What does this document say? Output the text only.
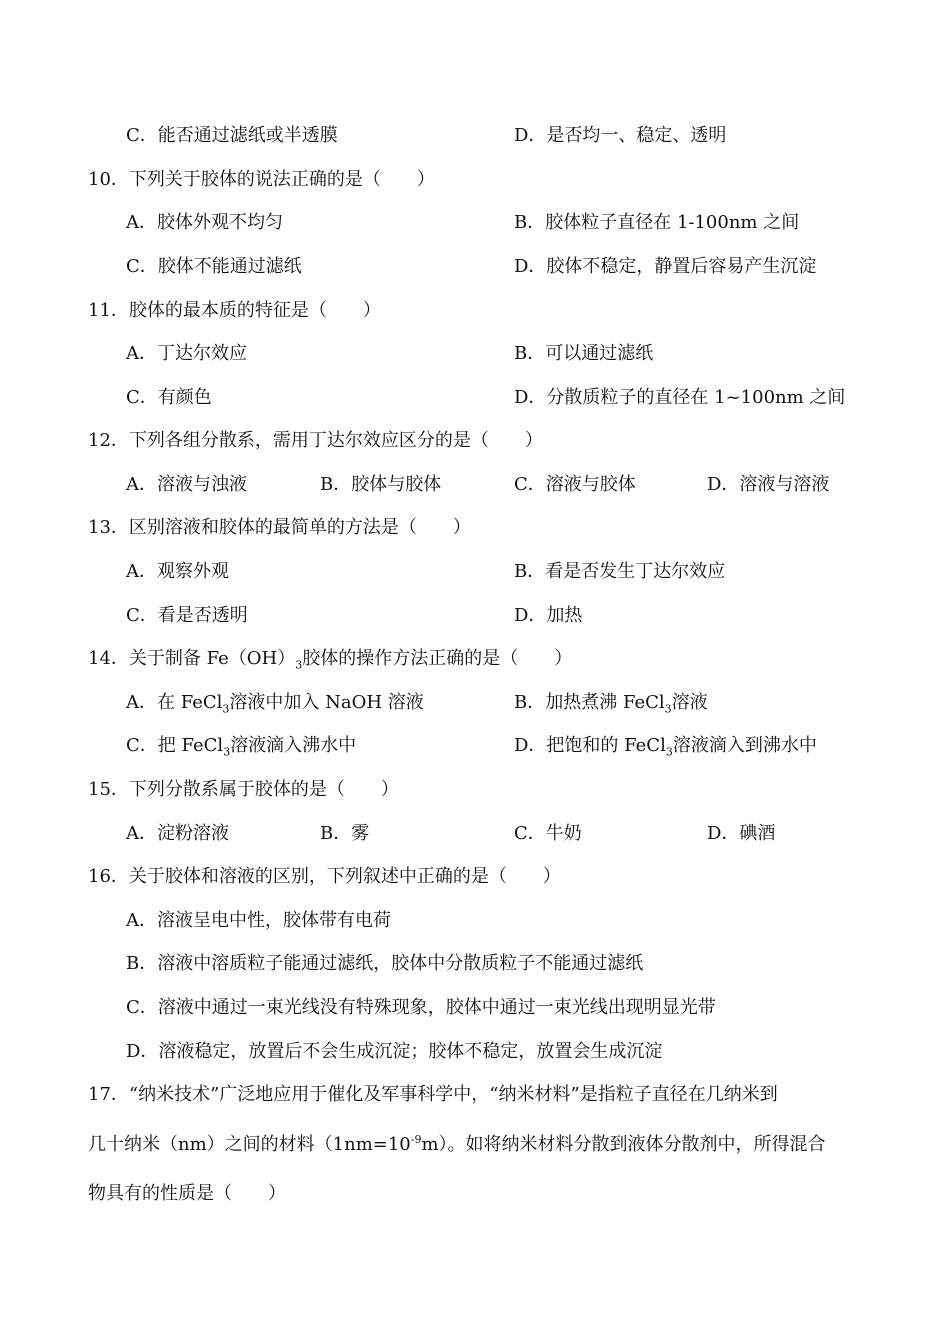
C．能否通过滤纸或半透膜	D．是否均一、稳定、透明
10．下列关于胶体的说法正确的是（　　）
A．胶体外观不均匀	B．胶体粒子直径在 1-100nm 之间
C．胶体不能通过滤纸	D．胶体不稳定，静置后容易产生沉淀
11．胶体的最本质的特征是（　　）
A．丁达尔效应	B．可以通过滤纸
C．有颜色	D．分散质粒子的直径在 1~100nm 之间
12．下列各组分散系，需用丁达尔效应区分的是（　　）
A．溶液与浊液	B．胶体与胶体	C．溶液与胶体	D．溶液与溶液
13．区别溶液和胶体的最简单的方法是（　　）
A．观察外观	B．看是否发生丁达尔效应
C．看是否透明	D．加热
14．关于制备 $Fe(OH)_3$胶体的操作方法正确的是（　　）
A．在 FeCl$_3$溶液中加入 NaOH 溶液	B．加热煮沸 FeCl$_3$溶液
C．把 FeCl$_3$溶液滴入沸水中	D．把饱和的 FeCl$_3$溶液滴入到沸水中
15．下列分散系属于胶体的是（　　）
A．淀粉溶液	B．雾	C．牛奶	D．碘酒
16．关于胶体和溶液的区别，下列叙述中正确的是（　　）
A．溶液呈电中性，胶体带有电荷
B．溶液中溶质粒子能通过滤纸，胶体中分散质粒子不能通过滤纸
C．溶液中通过一束光线没有特殊现象，胶体中通过一束光线出现明显光带
D．溶液稳定，放置后不会生成沉淀；胶体不稳定，放置会生成沉淀
17．“纳米技术”广泛地应用于催化及军事科学中，“纳米材料”是指粒子直径在几纳米到
几十纳米（nm）之间的材料$(1nm=10^{-9}m)$。如将纳米材料分散到液体分散剂中，所得混合
物具有的性质是（　　）
